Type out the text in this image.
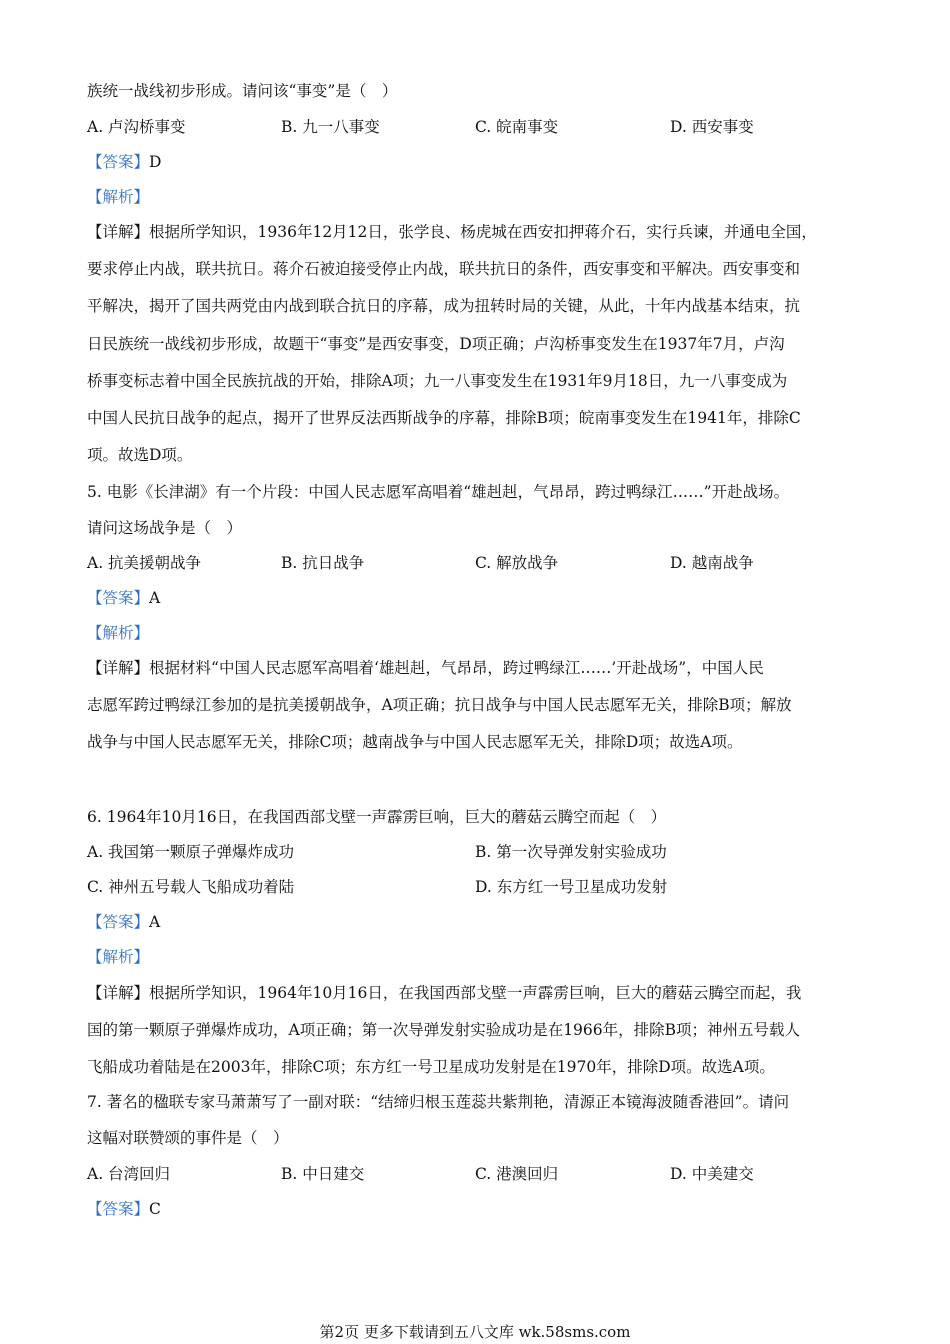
族统一战线初步形成。请问该“事变”是（　）
A. 卢沟桥事变	B. 九一八事变	C. 皖南事变	D. 西安事变
【答案】D
【解析】
【详解】根据所学知识，1936年12月12日，张学良、杨虎城在西安扣押蒋介石，实行兵谏，并通电全国，
要求停止内战，联共抗日。蒋介石被迫接受停止内战，联共抗日的条件，西安事变和平解决。西安事变和
平解决，揭开了国共两党由内战到联合抗日的序幕，成为扭转时局的关键，从此，十年内战基本结束，抗
日民族统一战线初步形成，故题干“事变”是西安事变，D项正确；卢沟桥事变发生在1937年7月，卢沟
桥事变标志着中国全民族抗战的开始，排除A项；九一八事变发生在1931年9月18日，九一八事变成为
中国人民抗日战争的起点，揭开了世界反法西斯战争的序幕，排除B项；皖南事变发生在1941年，排除C
项。故选D项。
5. 电影《长津湖》有一个片段：中国人民志愿军高唱着“雄赳赳，气昂昂，跨过鸭绿江……”开赴战场。
请问这场战争是（　）
A. 抗美援朝战争	B. 抗日战争	C. 解放战争	D. 越南战争
【答案】A
【解析】
【详解】根据材料“中国人民志愿军高唱着‘雄赳赳，气昂昂，跨过鸭绿江……’开赴战场”，中国人民
志愿军跨过鸭绿江参加的是抗美援朝战争，A项正确；抗日战争与中国人民志愿军无关，排除B项；解放
战争与中国人民志愿军无关，排除C项；越南战争与中国人民志愿军无关，排除D项；故选A项。
6. 1964年10月16日，在我国西部戈壁一声霹雳巨响，巨大的蘑菇云腾空而起（　）
A. 我国第一颗原子弹爆炸成功	B. 第一次导弹发射实验成功
C. 神州五号载人飞船成功着陆	D. 东方红一号卫星成功发射
【答案】A
【解析】
【详解】根据所学知识，1964年10月16日，在我国西部戈壁一声霹雳巨响，巨大的蘑菇云腾空而起，我
国的第一颗原子弹爆炸成功，A项正确；第一次导弹发射实验成功是在1966年，排除B项；神州五号载人
飞船成功着陆是在2003年，排除C项；东方红一号卫星成功发射是在1970年，排除D项。故选A项。
7. 著名的楹联专家马萧萧写了一副对联：“结缔归根玉莲蕊共紫荆艳，清源正本镜海波随香港回”。请问
这幅对联赞颂的事件是（　）
A. 台湾回归	B. 中日建交	C. 港澳回归	D. 中美建交
【答案】C
第2页 更多下载请到五八文库 wk.58sms.com
